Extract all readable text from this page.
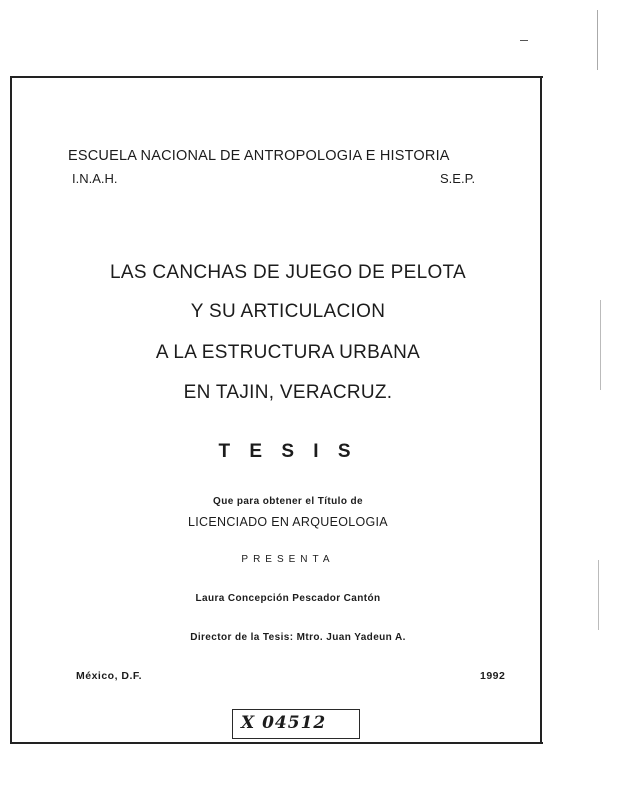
ESCUELA NACIONAL DE ANTROPOLOGIA E HISTORIA
I.N.A.H.	S.E.P.
LAS CANCHAS DE JUEGO DE PELOTA
Y SU ARTICULACION
A LA ESTRUCTURA URBANA
EN TAJIN, VERACRUZ.
T E S I S
Que para obtener el Título de
LICENCIADO EN ARQUEOLOGIA
PRESENTA
Laura Concepción Pescador Cantón
Director de la Tesis: Mtro. Juan Yadeun A.
México, D.F.	1992
X 04512
